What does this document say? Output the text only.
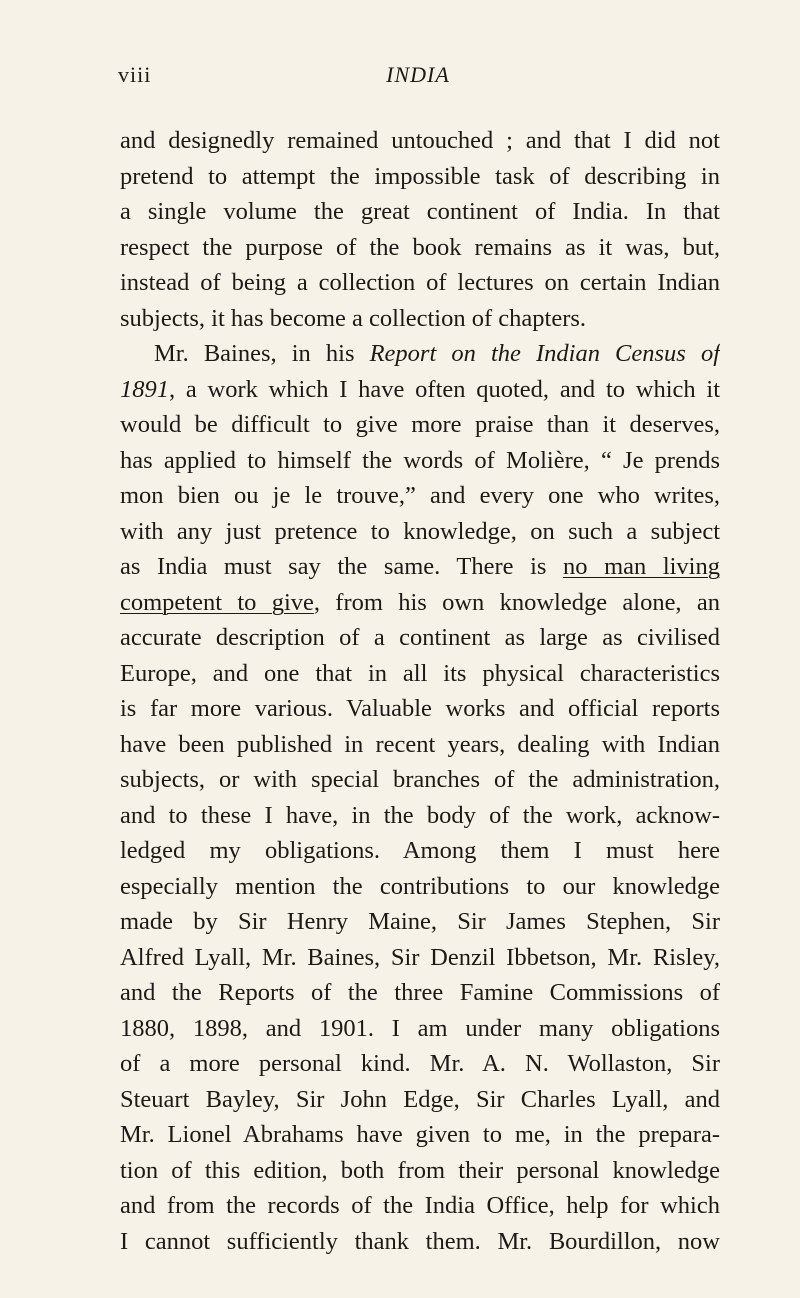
viii	INDIA
and designedly remained untouched ; and that I did not
pretend to attempt the impossible task of describing in
a single volume the great continent of India. In that
respect the purpose of the book remains as it was, but,
instead of being a collection of lectures on certain Indian
subjects, it has become a collection of chapters.
Mr. Baines, in his Report on the Indian Census of
1891, a work which I have often quoted, and to which it
would be difficult to give more praise than it deserves,
has applied to himself the words of Molière, “ Je prends
mon bien ou je le trouve,” and every one who writes,
with any just pretence to knowledge, on such a subject
as India must say the same. There is no man living
competent to give, from his own knowledge alone, an
accurate description of a continent as large as civilised
Europe, and one that in all its physical characteristics
is far more various. Valuable works and official reports
have been published in recent years, dealing with Indian
subjects, or with special branches of the administration,
and to these I have, in the body of the work, acknow-
ledged my obligations. Among them I must here
especially mention the contributions to our knowledge
made by Sir Henry Maine, Sir James Stephen, Sir
Alfred Lyall, Mr. Baines, Sir Denzil Ibbetson, Mr. Risley,
and the Reports of the three Famine Commissions of
1880, 1898, and 1901. I am under many obligations
of a more personal kind. Mr. A. N. Wollaston, Sir
Steuart Bayley, Sir John Edge, Sir Charles Lyall, and
Mr. Lionel Abrahams have given to me, in the prepara-
tion of this edition, both from their personal knowledge
and from the records of the India Office, help for which
I cannot sufficiently thank them. Mr. Bourdillon, now
